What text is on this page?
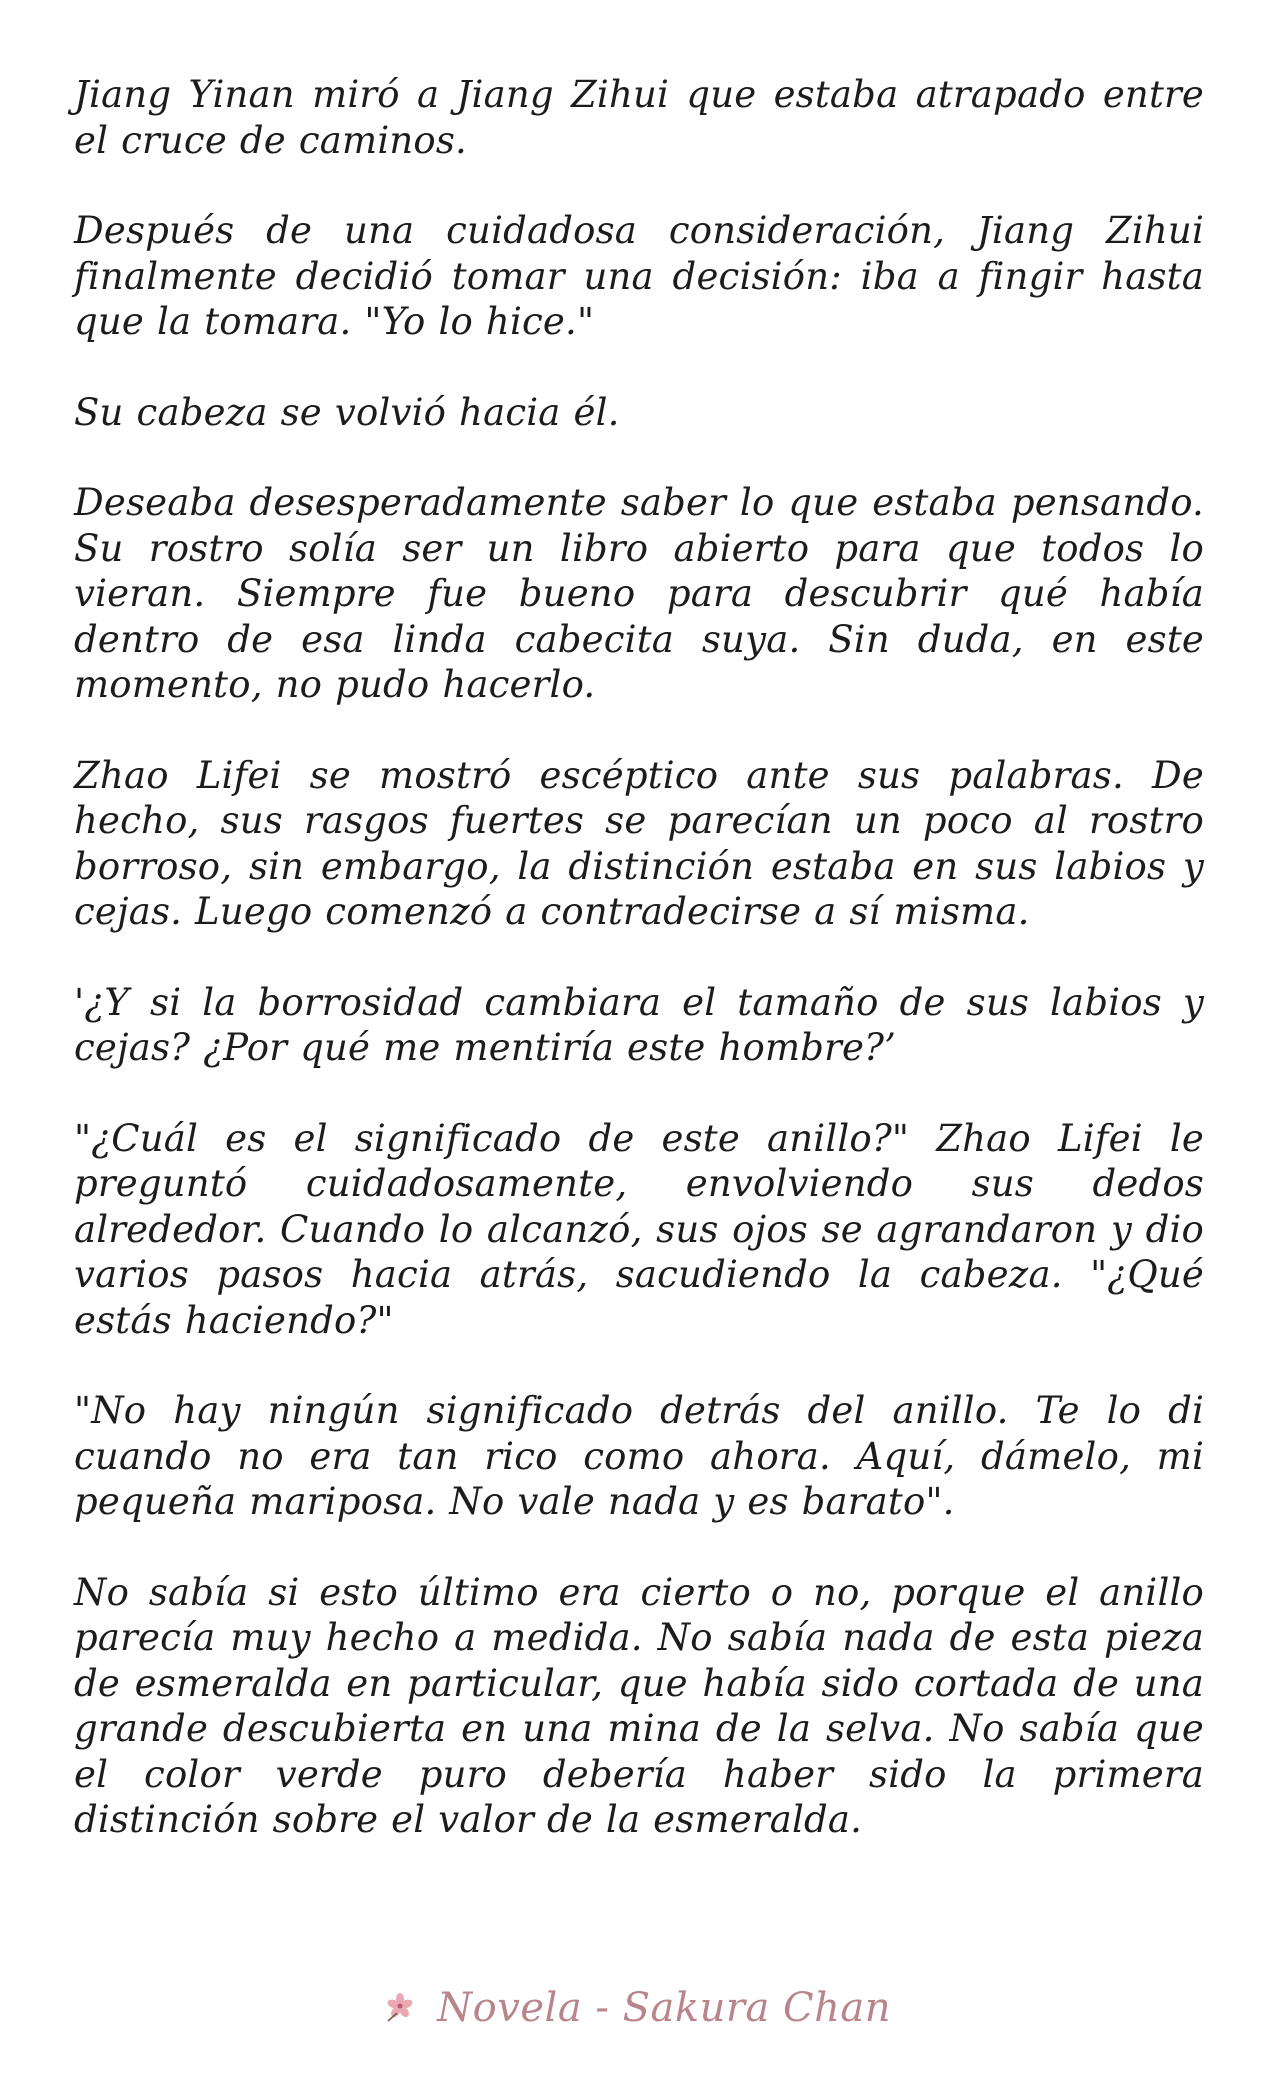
Jiang Yinan miró a Jiang Zihui que estaba atrapado entre el cruce de caminos.

Después de una cuidadosa consideración, Jiang Zihui finalmente decidió tomar una decisión: iba a fingir hasta que la tomara. "Yo lo hice."

Su cabeza se volvió hacia él.

Deseaba desesperadamente saber lo que estaba pensando. Su rostro solía ser un libro abierto para que todos lo vieran. Siempre fue bueno para descubrir qué había dentro de esa linda cabecita suya. Sin duda, en este momento, no pudo hacerlo.

Zhao Lifei se mostró escéptico ante sus palabras. De hecho, sus rasgos fuertes se parecían un poco al rostro borroso, sin embargo, la distinción estaba en sus labios y cejas. Luego comenzó a contradecirse a sí misma.

'¿Y si la borrosidad cambiara el tamaño de sus labios y cejas? ¿Por qué me mentiría este hombre?’

"¿Cuál es el significado de este anillo?" Zhao Lifei le preguntó cuidadosamente, envolviendo sus dedos alrededor. Cuando lo alcanzó, sus ojos se agrandaron y dio varios pasos hacia atrás, sacudiendo la cabeza. "¿Qué estás haciendo?"

"No hay ningún significado detrás del anillo. Te lo di cuando no era tan rico como ahora. Aquí, dámelo, mi pequeña mariposa. No vale nada y es barato".

No sabía si esto último era cierto o no, porque el anillo parecía muy hecho a medida. No sabía nada de esta pieza de esmeralda en particular, que había sido cortada de una grande descubierta en una mina de la selva. No sabía que el color verde puro debería haber sido la primera distinción sobre el valor de la esmeralda.

Novela - Sakura Chan
